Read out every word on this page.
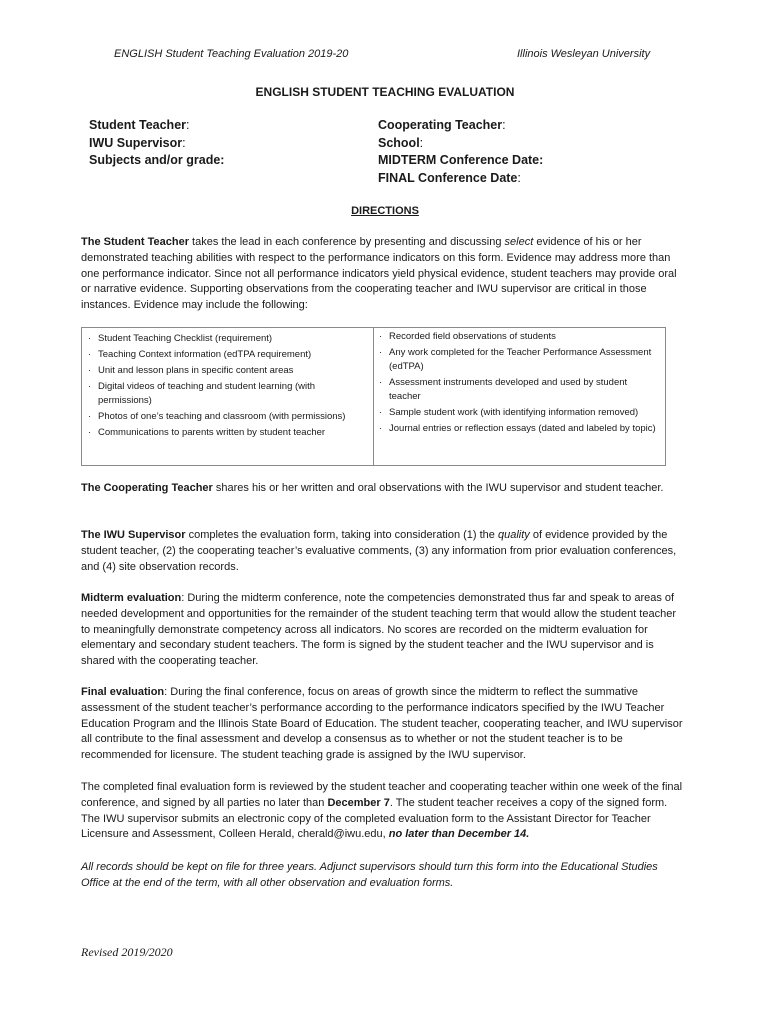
ENGLISH Student Teaching Evaluation 2019-20	Illinois Wesleyan University
ENGLISH STUDENT TEACHING EVALUATION
Student Teacher:
IWU Supervisor:
Subjects and/or grade:
Cooperating Teacher:
School:
MIDTERM Conference Date:
FINAL Conference Date:
DIRECTIONS
The Student Teacher takes the lead in each conference by presenting and discussing select evidence of his or her demonstrated teaching abilities with respect to the performance indicators on this form. Evidence may address more than one performance indicator. Since not all performance indicators yield physical evidence, student teachers may provide oral or narrative evidence. Supporting observations from the cooperating teacher and IWU supervisor are critical in those instances. Evidence may include the following:
· Student Teaching Checklist (requirement)
· Teaching Context information (edTPA requirement)
· Unit and lesson plans in specific content areas
· Digital videos of teaching and student learning (with permissions)
· Photos of one’s teaching and classroom (with permissions)
· Communications to parents written by student teacher
· Recorded field observations of students
· Any work completed for the Teacher Performance Assessment (edTPA)
· Assessment instruments developed and used by student teacher
· Sample student work (with identifying information removed)
· Journal entries or reflection essays (dated and labeled by topic)
The Cooperating Teacher shares his or her written and oral observations with the IWU supervisor and student teacher.
The IWU Supervisor completes the evaluation form, taking into consideration (1) the quality of evidence provided by the student teacher, (2) the cooperating teacher’s evaluative comments, (3) any information from prior evaluation conferences, and (4) site observation records.
Midterm evaluation: During the midterm conference, note the competencies demonstrated thus far and speak to areas of needed development and opportunities for the remainder of the student teaching term that would allow the student teacher to meaningfully demonstrate competency across all indicators. No scores are recorded on the midterm evaluation for elementary and secondary student teachers. The form is signed by the student teacher and the IWU supervisor and is shared with the cooperating teacher.
Final evaluation: During the final conference, focus on areas of growth since the midterm to reflect the summative assessment of the student teacher’s performance according to the performance indicators specified by the IWU Teacher Education Program and the Illinois State Board of Education. The student teacher, cooperating teacher, and IWU supervisor all contribute to the final assessment and develop a consensus as to whether or not the student teacher is to be recommended for licensure. The student teaching grade is assigned by the IWU supervisor.
The completed final evaluation form is reviewed by the student teacher and cooperating teacher within one week of the final conference, and signed by all parties no later than December 7. The student teacher receives a copy of the signed form. The IWU supervisor submits an electronic copy of the completed evaluation form to the Assistant Director for Teacher Licensure and Assessment, Colleen Herald, cherald@iwu.edu, no later than December 14.
All records should be kept on file for three years. Adjunct supervisors should turn this form into the Educational Studies Office at the end of the term, with all other observation and evaluation forms.
Revised 2019/2020
